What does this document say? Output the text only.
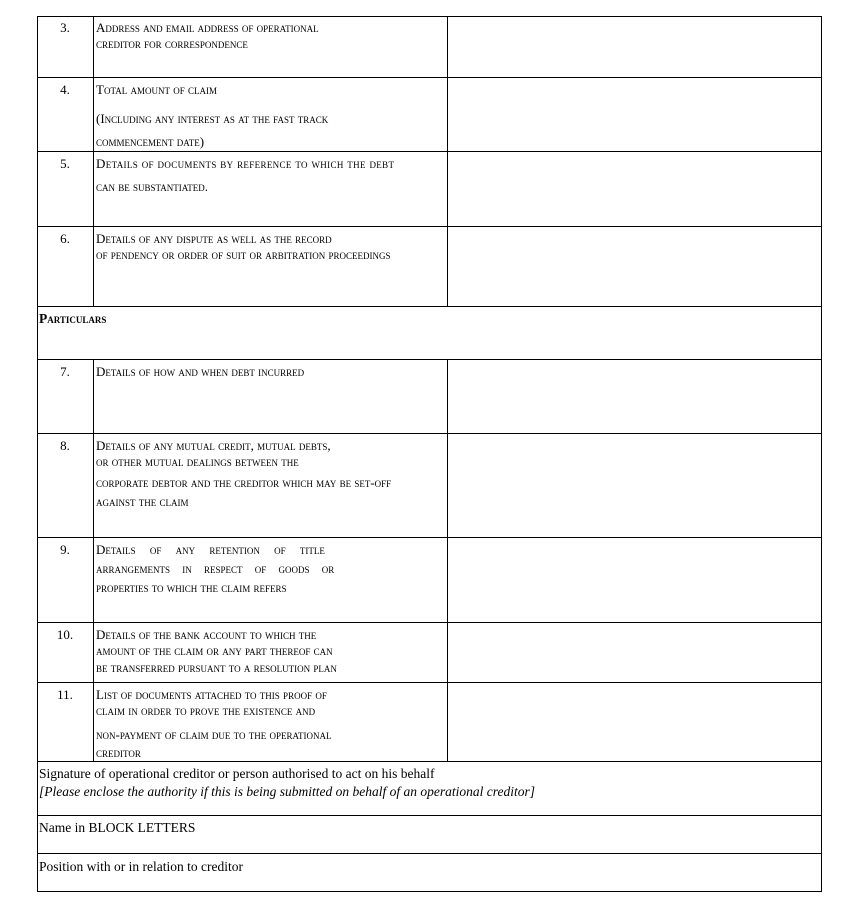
3.	Address and email address of operational

creditor for correspondence

4.	Total amount of claim

(Including any interest as at the fast track

commencement date)

5.	Details of documents by reference to which the debt

can be substantiated.

6.	Details of any dispute as well as the record

of pendency or order of suit or arbitration proceedings

Particulars
7.	Details of how and when debt incurred

8.	Details of any mutual credit, mutual debts,

or other mutual dealings between the

corporate debtor and the creditor which may be set-off

against the claim

9.	Details of any retention of title

arrangements in respect of goods or

properties to which the claim refers

10.	Details of the bank account to which the

amount of the claim or any part thereof can

be transferred pursuant to a resolution plan

11.	List of documents attached to this proof of

claim in order to prove the existence and

non-payment of claim due to the operational

creditor

Signature of operational creditor or person authorised to act on his behalf
[Please enclose the authority if this is being submitted on behalf of an operational creditor]
Name in BLOCK LETTERS
Position with or in relation to creditor
